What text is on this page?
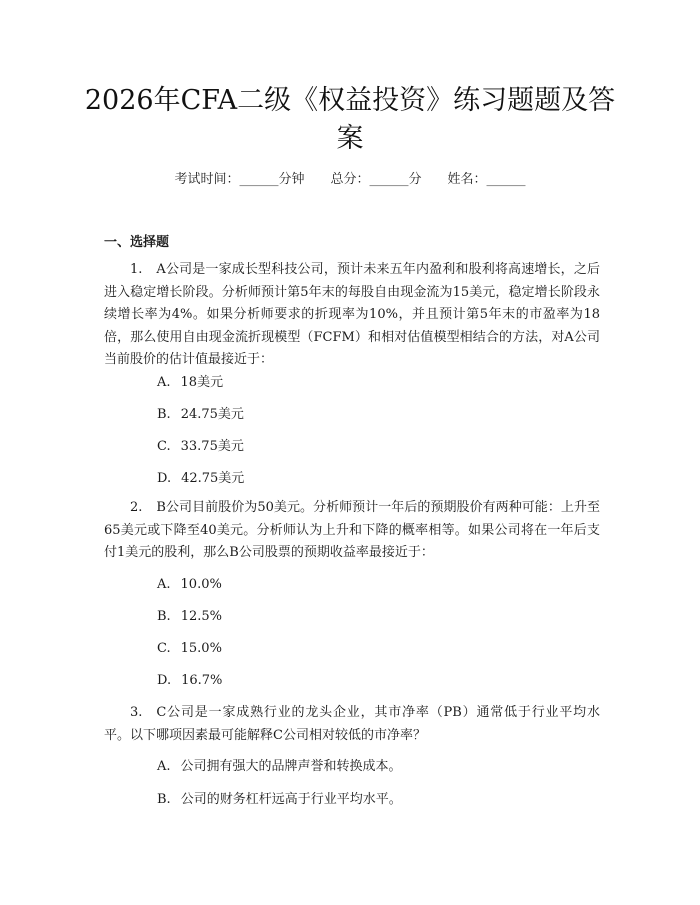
2026年CFA二级《权益投资》练习题题及答案
考试时间：______分钟 总分：______分 姓名：______
一、选择题

1. A公司是一家成长型科技公司，预计未来五年内盈利和股利将高速增长，之后进入稳定增长阶段。分析师预计第5年末的每股自由现金流为15美元，稳定增长阶段永续增长率为4%。如果分析师要求的折现率为10%，并且预计第5年末的市盈率为18倍，那么使用自由现金流折现模型（FCFM）和相对估值模型相结合的方法，对A公司当前股价的估计值最接近于：

A. 18美元
B. 24.75美元
C. 33.75美元
D. 42.75美元

2. B公司目前股价为50美元。分析师预计一年后的预期股价有两种可能：上升至65美元或下降至40美元。分析师认为上升和下降的概率相等。如果公司将在一年后支付1美元的股利，那么B公司股票的预期收益率最接近于：

A. 10.0%
B. 12.5%
C. 15.0%
D. 16.7%

3. C公司是一家成熟行业的龙头企业，其市净率（PB）通常低于行业平均水平。以下哪项因素最可能解释C公司相对较低的市净率？

A. 公司拥有强大的品牌声誉和转换成本。
B. 公司的财务杠杆远高于行业平均水平。
